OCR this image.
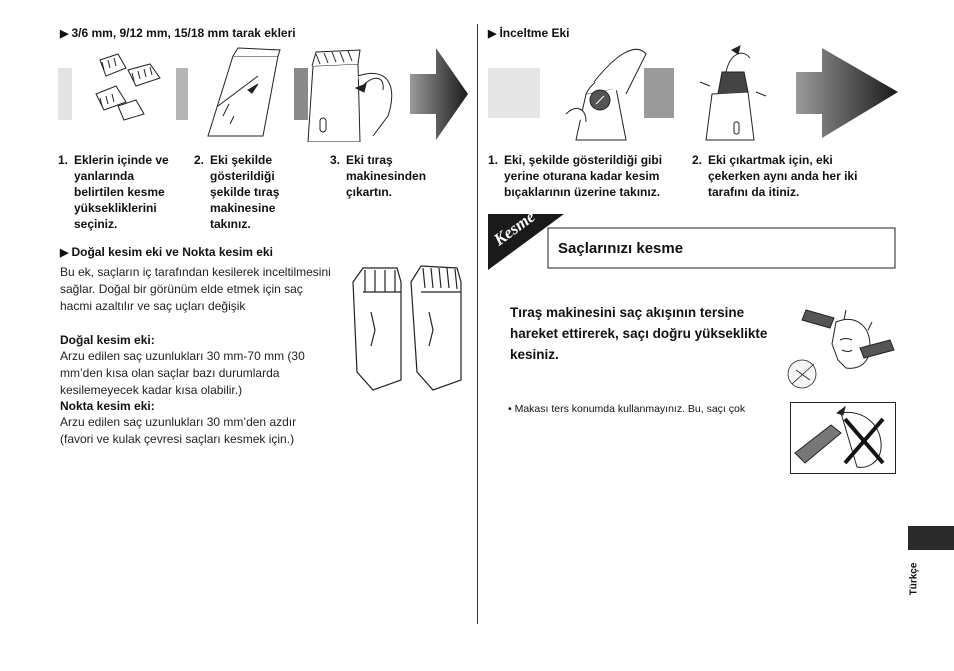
▶ 3/6 mm, 9/12 mm, 15/18 mm tarak ekleri
1. Eklerin içinde ve yanlarında belirtilen kesme yüksekliklerini seçiniz.
2. Eki şekilde gösterildiği şekilde tıraş makinesine takınız.
3. Eki tıraş makinesinden çıkartın.
▶ Doğal kesim eki ve Nokta kesim eki
Bu ek, saçların iç tarafından kesilerek inceltilmesini sağlar. Doğal bir görünüm elde etmek için saç hacmi azaltılır ve saç uçları değişik
Doğal kesim eki:
Arzu edilen saç uzunlukları 30 mm-70 mm (30 mm’den kısa olan saçlar bazı durumlarda kesilemeyecek kadar kısa olabilir.)
Nokta kesim eki:
Arzu edilen saç uzunlukları 30 mm’den azdır (favori ve kulak çevresi saçları kesmek için.)
▶ İnceltme Eki
1. Eki, şekilde gösterildiği gibi yerine oturana kadar kesim bıçaklarının üzerine takınız.
2. Eki çıkartmak için, eki çekerken aynı anda her iki tarafını da itiniz.
Kesme Saçlarınızı kesme
Tıraş makinesini saç akışının tersine hareket ettirerek, saçı doğru yükseklikte kesiniz.
• Makası ters konumda kullanmayınız. Bu, saçı çok
Türkçe
